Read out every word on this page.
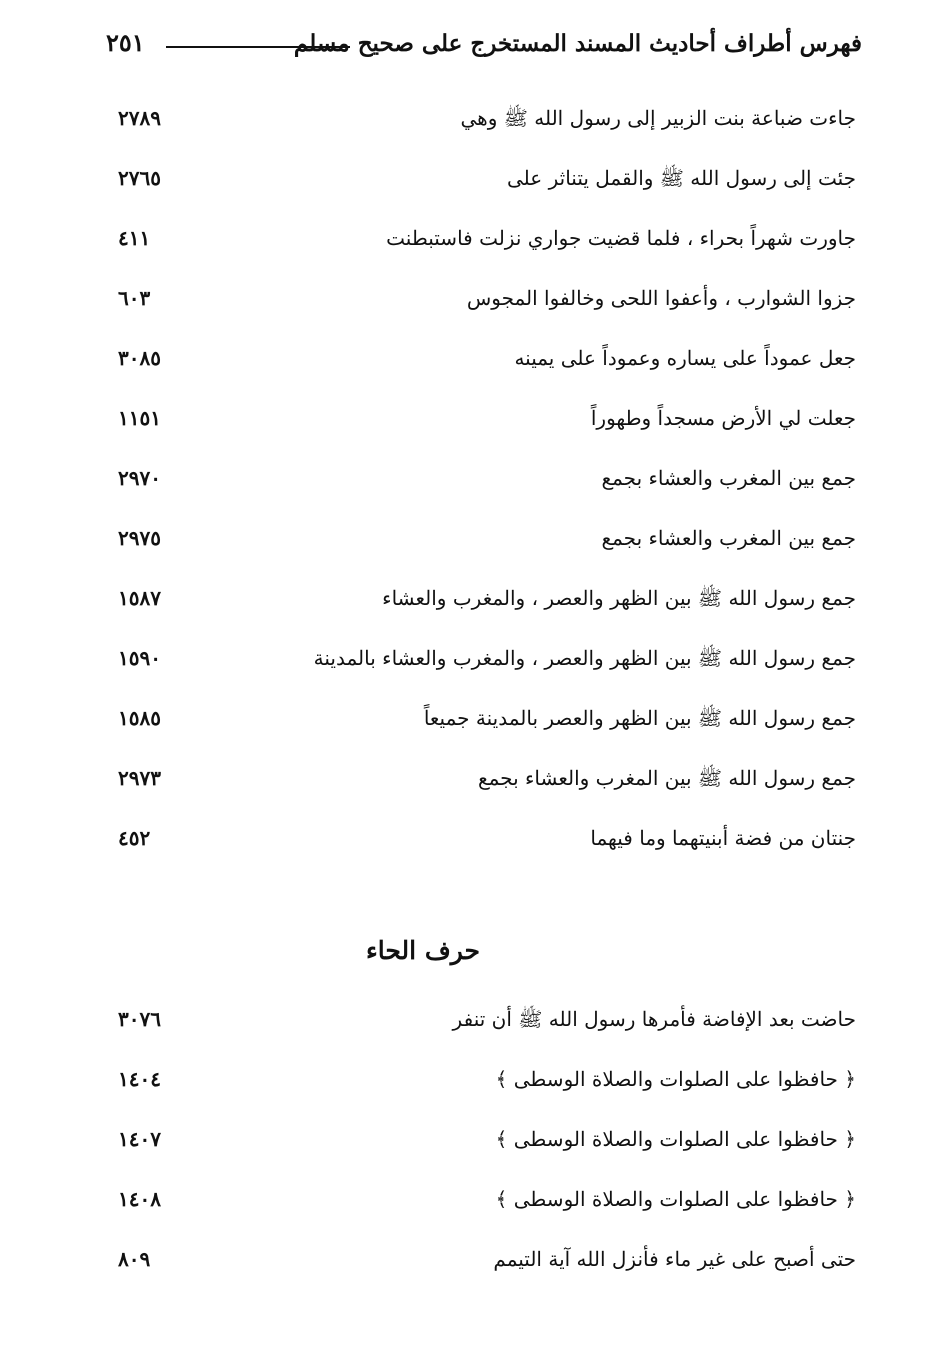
فهرس أطراف أحاديث المسند المستخرج على صحيح مسلم
٢٥١
جاءت ضباعة بنت الزبير إلى رسول الله ﷺ وهي
٢٧٨٩
جئت إلى رسول الله ﷺ والقمل يتناثر على
٢٧٦٥
جاورت شهراً بحراء ، فلما قضيت جواري نزلت فاستبطنت
٤١١
جزوا الشوارب ، وأعفوا اللحى وخالفوا المجوس
٦٠٣
جعل عموداً على يساره وعموداً على يمينه
٣٠٨٥
جعلت لي الأرض مسجداً وطهوراً
١١٥١
جمع بين المغرب والعشاء بجمع
٢٩٧٠
جمع بين المغرب والعشاء بجمع
٢٩٧٥
جمع رسول الله ﷺ بين الظهر والعصر ، والمغرب والعشاء
١٥٨٧
جمع رسول الله ﷺ بين الظهر والعصر ، والمغرب والعشاء بالمدينة
١٥٩٠
جمع رسول الله ﷺ بين الظهر والعصر بالمدينة جميعاً
١٥٨٥
جمع رسول الله ﷺ بين المغرب والعشاء بجمع
٢٩٧٣
جنتان من فضة أبنيتهما وما فيهما
٤٥٢
حرف الحاء
حاضت بعد الإفاضة فأمرها رسول الله ﷺ أن تنفر
٣٠٧٦
﴿ حافظوا على الصلوات والصلاة الوسطى ﴾
١٤٠٤
﴿ حافظوا على الصلوات والصلاة الوسطى ﴾
١٤٠٧
﴿ حافظوا على الصلوات والصلاة الوسطى ﴾
١٤٠٨
حتى أصبح على غير ماء فأنزل الله آية التيمم
٨٠٩
